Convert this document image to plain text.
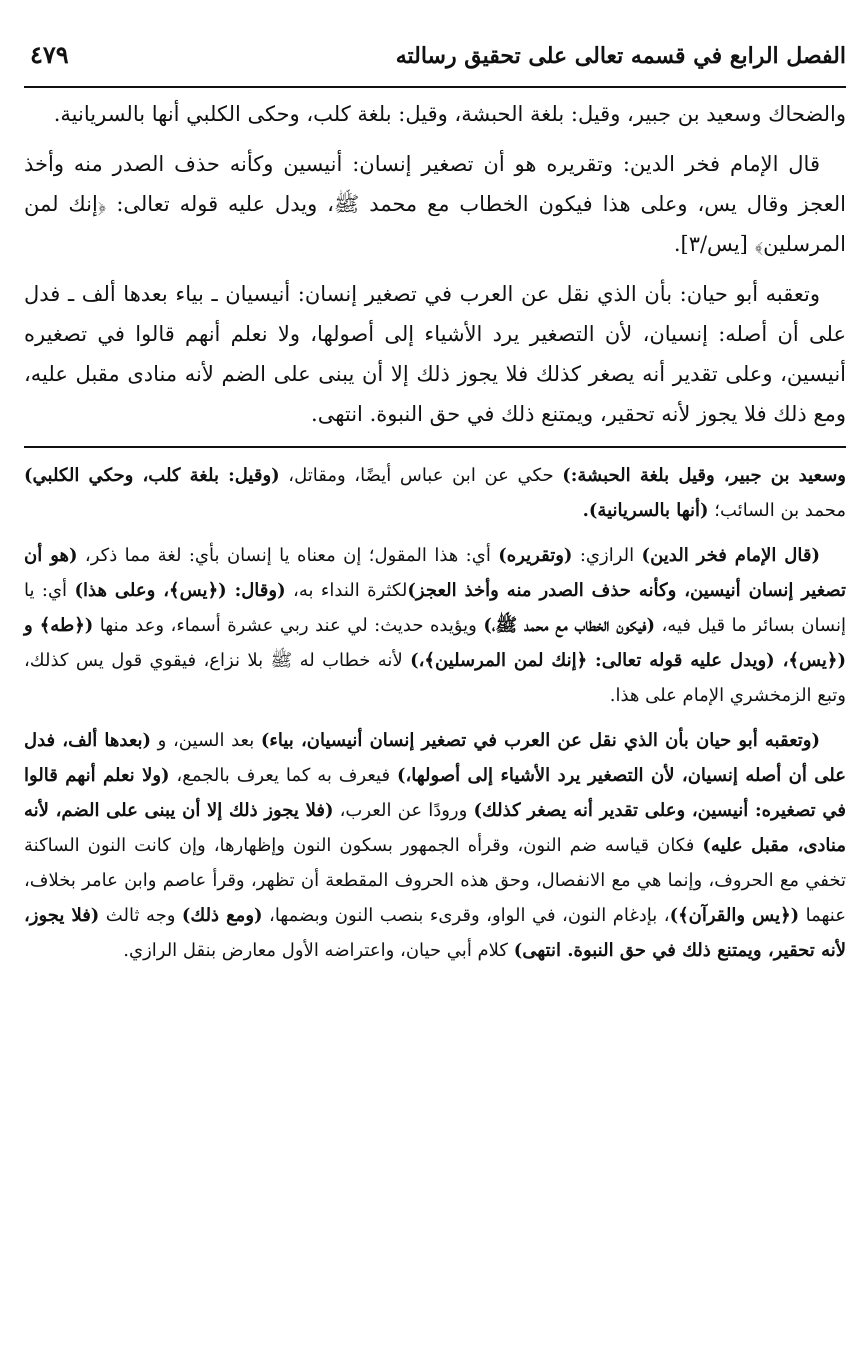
الفصل الرابع في قسمه تعالى على تحقيق رسالته
٤٧٩

والضحاك وسعيد بن جبير، وقيل: بلغة الحبشة، وقيل: بلغة كلب، وحكى الكلبي أنها بالسريانية.

قال الإمام فخر الدين: وتقريره هو أن تصغير إنسان: أنيسين وكأنه حذف الصدر منه وأخذ العجز وقال يس، وعلى هذا فيكون الخطاب مع محمد ﷺ، ويدل عليه قوله تعالى: ﴿إنك لمن المرسلين﴾ [يس/٣].

وتعقبه أبو حيان: بأن الذي نقل عن العرب في تصغير إنسان: أنيسيان ـ بياء بعدها ألف ـ فدل على أن أصله: إنسيان، لأن التصغير يرد الأشياء إلى أصولها، ولا نعلم أنهم قالوا في تصغيره أنيسين، وعلى تقدير أنه يصغر كذلك فلا يجوز ذلك إلا أن يبنى على الضم لأنه منادى مقبل عليه، ومع ذلك فلا يجوز لأنه تحقير، ويمتنع ذلك في حق النبوة. انتهى.

وسعيد بن جبير، وقيل بلغة الحبشة:) حكي عن ابن عباس أيضًا، ومقاتل، (وقيل: بلغة كلب، وحكي الكلبي) محمد بن السائب؛ (أنها بالسريانية).

(قال الإمام فخر الدين) الرازي: (وتقريره) أي: هذا المقول؛ إن معناه يا إنسان بأي: لغة مما ذكر، (هو أن تصغير إنسان أنيسين، وكأنه حذف الصدر منه وأخذ العجز)لكثرة النداء به، (وقال: (﴿يس﴾، وعلى هذا) أي: يا إنسان بسائر ما قيل فيه، (فيكون الخطاب مع محمد ﷺ،) ويؤيده حديث: لي عند ربي عشرة أسماء، وعد منها (﴿طه﴾ و (﴿يس﴾، (ويدل عليه قوله تعالى: ﴿إنك لمن المرسلين﴾،) لأنه خطاب له ﷺ بلا نزاع، فيقوي قول يس كذلك، وتبع الزمخشري الإمام على هذا.

(وتعقبه أبو حيان بأن الذي نقل عن العرب في تصغير إنسان أنيسيان، بياء) بعد السين، و (بعدها ألف، فدل على أن أصله إنسيان، لأن التصغير يرد الأشياء إلى أصولها،) فيعرف به كما يعرف بالجمع، (ولا نعلم أنهم قالوا في تصغيره: أنيسين، وعلى تقدير أنه يصغر كذلك) ورودًا عن العرب، (فلا يجوز ذلك إلا أن يبنى على الضم، لأنه منادى، مقبل عليه) فكان قياسه ضم النون، وقرأه الجمهور بسكون النون وإظهارها، وإن كانت النون الساكنة تخفي مع الحروف، وإنما هي مع الانفصال، وحق هذه الحروف المقطعة أن تظهر، وقرأ عاصم وابن عامر بخلاف، عنهما (﴿يس والقرآن﴾)، بإدغام النون، في الواو، وقرىء بنصب النون وبضمها، (ومع ذلك) وجه ثالث (فلا يجوز، لأنه تحقير، ويمتنع ذلك في حق النبوة. انتهى) كلام أبي حيان، واعتراضه الأول معارض بنقل الرازي.
